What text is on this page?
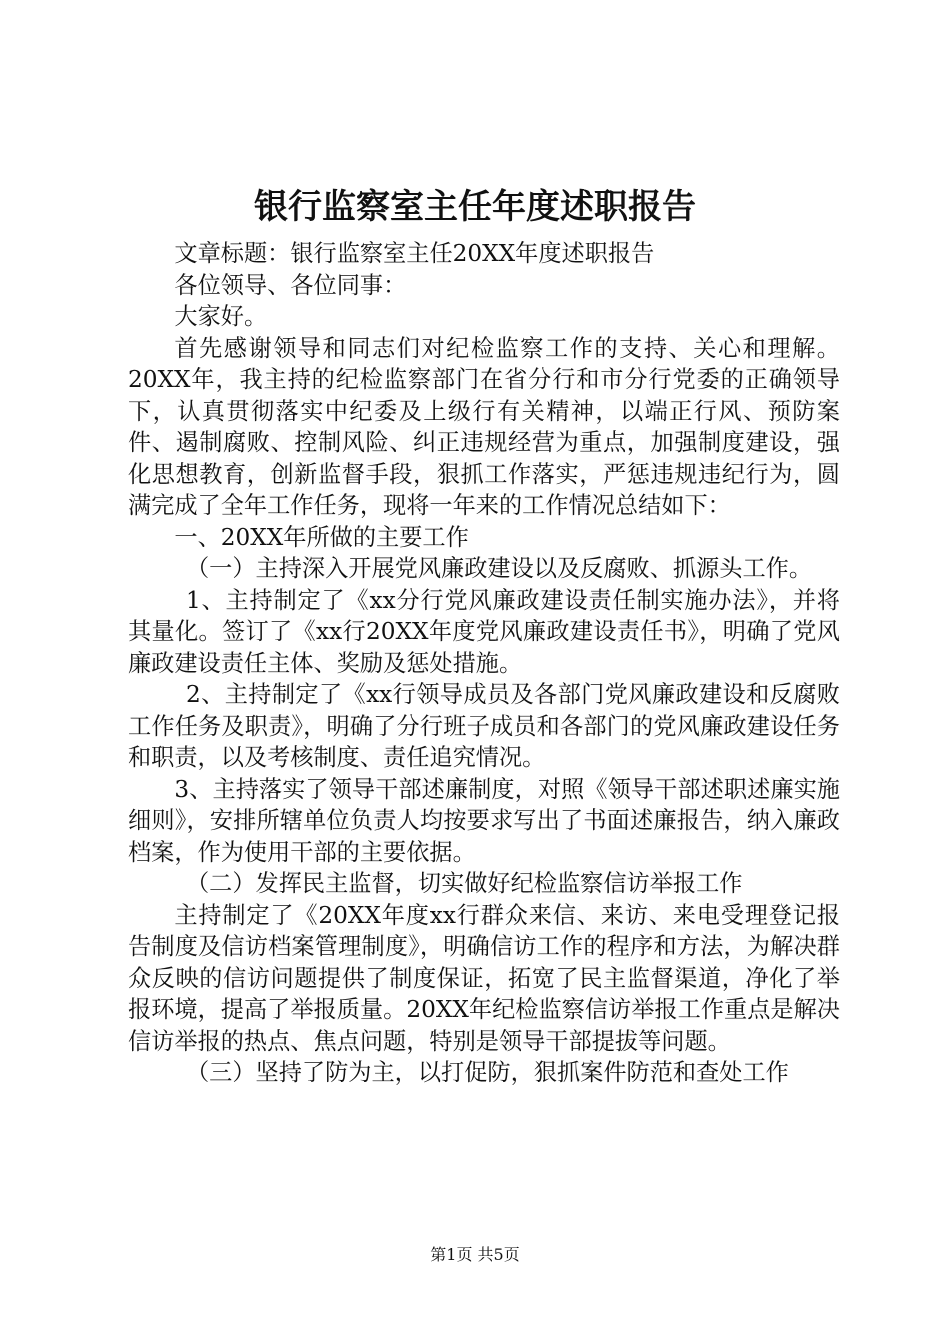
银行监察室主任年度述职报告

文章标题：银行监察室主任20XX年度述职报告

各位领导、各位同事：

大家好。

首先感谢领导和同志们对纪检监察工作的支持、关心和理解。20XX年，我主持的纪检监察部门在省分行和市分行党委的正确领导下，认真贯彻落实中纪委及上级行有关精神，以端正行风、预防案件、遏制腐败、控制风险、纠正违规经营为重点，加强制度建设，强化思想教育，创新监督手段，狠抓工作落实，严惩违规违纪行为，圆满完成了全年工作任务，现将一年来的工作情况总结如下：

一、20XX年所做的主要工作

（一）主持深入开展党风廉政建设以及反腐败、抓源头工作。

1、主持制定了《xx分行党风廉政建设责任制实施办法》，并将其量化。签订了《xx行20XX年度党风廉政建设责任书》，明确了党风廉政建设责任主体、奖励及惩处措施。

2、主持制定了《xx行领导成员及各部门党风廉政建设和反腐败工作任务及职责》，明确了分行班子成员和各部门的党风廉政建设任务和职责，以及考核制度、责任追究情况。

3、主持落实了领导干部述廉制度，对照《领导干部述职述廉实施细则》，安排所辖单位负责人均按要求写出了书面述廉报告，纳入廉政档案，作为使用干部的主要依据。

（二）发挥民主监督，切实做好纪检监察信访举报工作

主持制定了《20XX年度xx行群众来信、来访、来电受理登记报告制度及信访档案管理制度》，明确信访工作的程序和方法，为解决群众反映的信访问题提供了制度保证，拓宽了民主监督渠道，净化了举报环境，提高了举报质量。20XX年纪检监察信访举报工作重点是解决信访举报的热点、焦点问题，特别是领导干部提拔等问题。

（三）坚持了防为主，以打促防，狠抓案件防范和查处工作

第1页 共5页
